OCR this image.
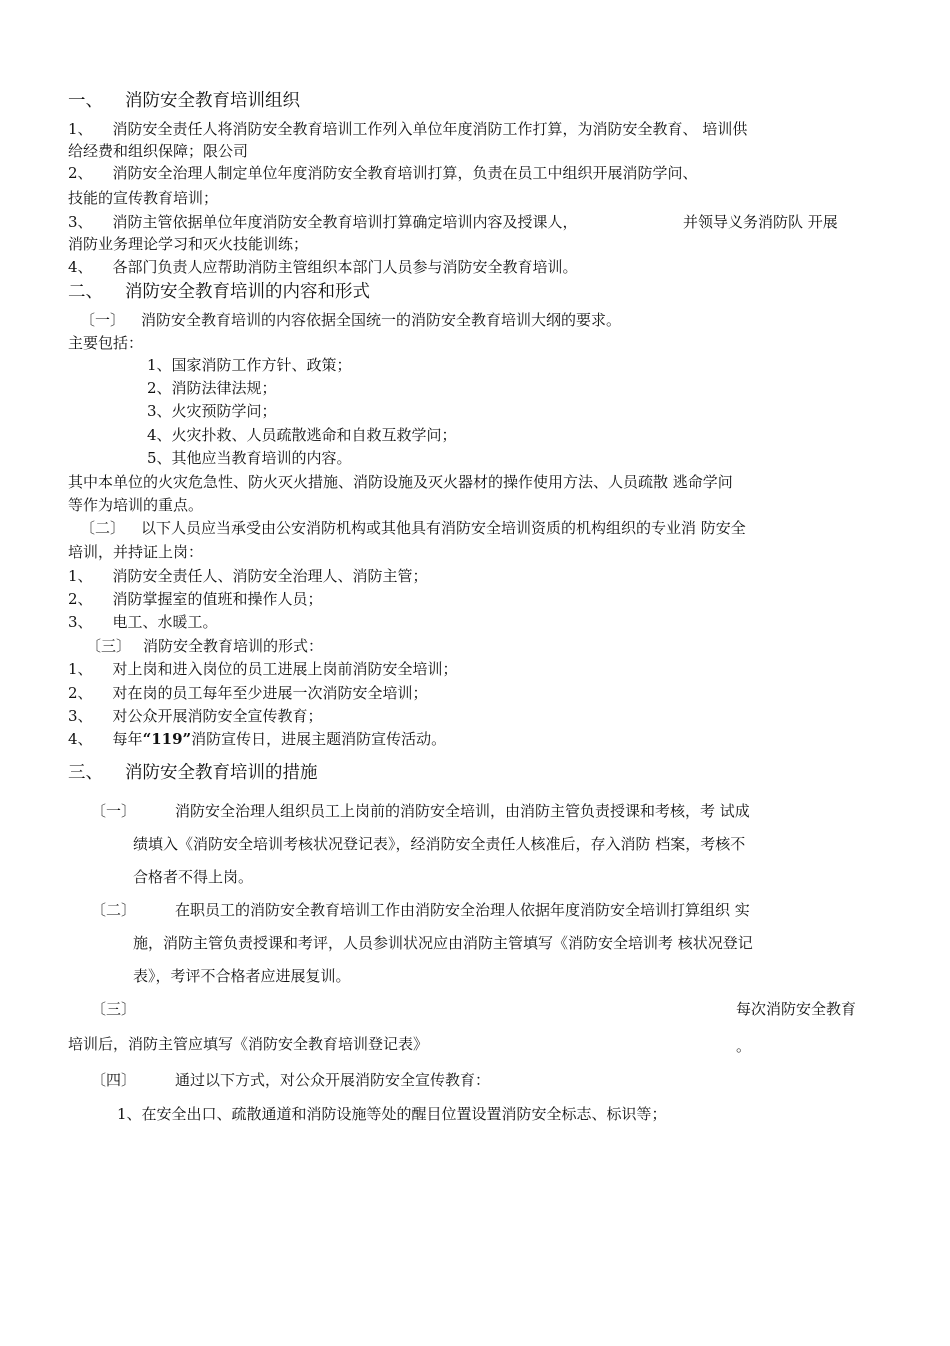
一、 消防安全教育培训组织
1、 消防安全责任人将消防安全教育培训工作列入单位年度消防工作打算，为消防安全教育、 培训供
给经费和组织保障；限公司
2、 消防安全治理人制定单位年度消防安全教育培训打算，负责在员工中组织开展消防学问、
技能的宣传教育培训；
3、 消防主管依据单位年度消防安全教育培训打算确定培训内容及授课人，	并领导义务消防队 开展
消防业务理论学习和灭火技能训练；
4、 各部门负责人应帮助消防主管组织本部门人员参与消防安全教育培训。
二、 消防安全教育培训的内容和形式
〔一〕 消防安全教育培训的内容依据全国统一的消防安全教育培训大纲的要求。
主要包括：
1、国家消防工作方针、政策；
2、消防法律法规；
3、火灾预防学问；
4、火灾扑救、人员疏散逃命和自救互救学问；
5、其他应当教育培训的内容。
其中本单位的火灾危急性、防火灭火措施、消防设施及灭火器材的操作使用方法、人员疏散 逃命学问
等作为培训的重点。
〔二〕 以下人员应当承受由公安消防机构或其他具有消防安全培训资质的机构组织的专业消 防安全
培训，并持证上岗：
1、 消防安全责任人、消防安全治理人、消防主管；
2、 消防掌握室的值班和操作人员；
3、 电工、水暖工。
〔三〕 消防安全教育培训的形式：
1、 对上岗和进入岗位的员工进展上岗前消防安全培训；
2、 对在岗的员工每年至少进展一次消防安全培训；
3、 对公众开展消防安全宣传教育；
4、 每年“119”消防宣传日，进展主题消防宣传活动。
三、 消防安全教育培训的措施
〔一〕	消防安全治理人组织员工上岗前的消防安全培训，由消防主管负责授课和考核，考 试成
绩填入《消防安全培训考核状况登记表》，经消防安全责任人核准后，存入消防 档案，考核不
合格者不得上岗。
〔二〕	在职员工的消防安全教育培训工作由消防安全治理人依据年度消防安全培训打算组织 实
施，消防主管负责授课和考评，人员参训状况应由消防主管填写《消防安全培训考 核状况登记
表》，考评不合格者应进展复训。
〔三〕	每次消防安全教育
培训后，消防主管应填写《消防安全教育培训登记表》	。
〔四〕	通过以下方式，对公众开展消防安全宣传教育：
1、在安全出口、疏散通道和消防设施等处的醒目位置设置消防安全标志、标识等；
